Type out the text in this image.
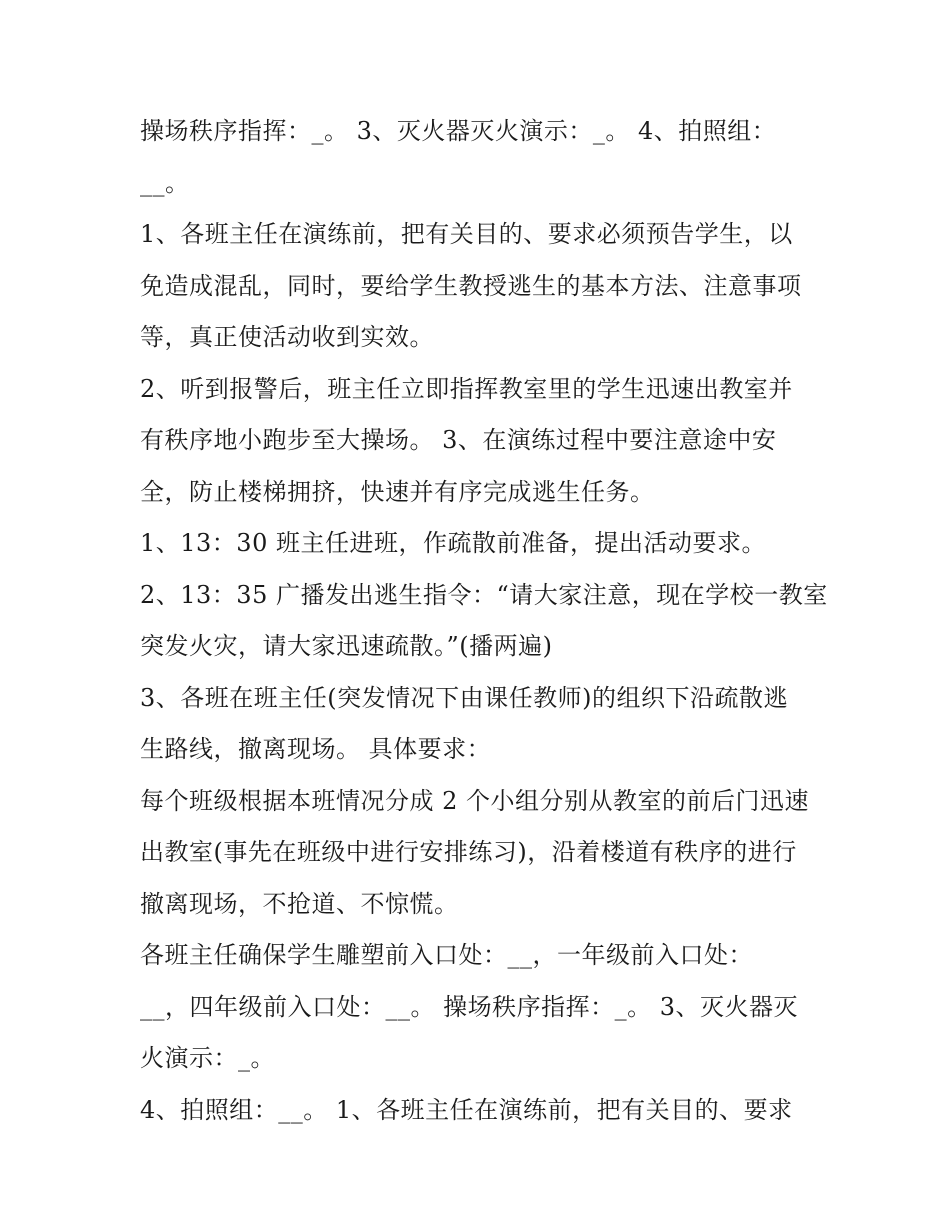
操场秩序指挥：_。 3、灭火器灭火演示：_。 4、拍照组：
__。
1、各班主任在演练前，把有关目的、要求必须预告学生，以
免造成混乱，同时，要给学生教授逃生的基本方法、注意事项
等，真正使活动收到实效。
2、听到报警后，班主任立即指挥教室里的学生迅速出教室并
有秩序地小跑步至大操场。 3、在演练过程中要注意途中安
全，防止楼梯拥挤，快速并有序完成逃生任务。
1、13：30 班主任进班，作疏散前准备，提出活动要求。
2、13：35 广播发出逃生指令：“请大家注意，现在学校一教室
突发火灾，请大家迅速疏散。”(播两遍)
3、各班在班主任(突发情况下由课任教师)的组织下沿疏散逃
生路线，撤离现场。 具体要求：
每个班级根据本班情况分成 2 个小组分别从教室的前后门迅速
出教室(事先在班级中进行安排练习)，沿着楼道有秩序的进行
撤离现场，不抢道、不惊慌。
各班主任确保学生雕塑前入口处：__，一年级前入口处：
__，四年级前入口处：__。 操场秩序指挥：_。 3、灭火器灭
火演示：_。
4、拍照组：__。 1、各班主任在演练前，把有关目的、要求
